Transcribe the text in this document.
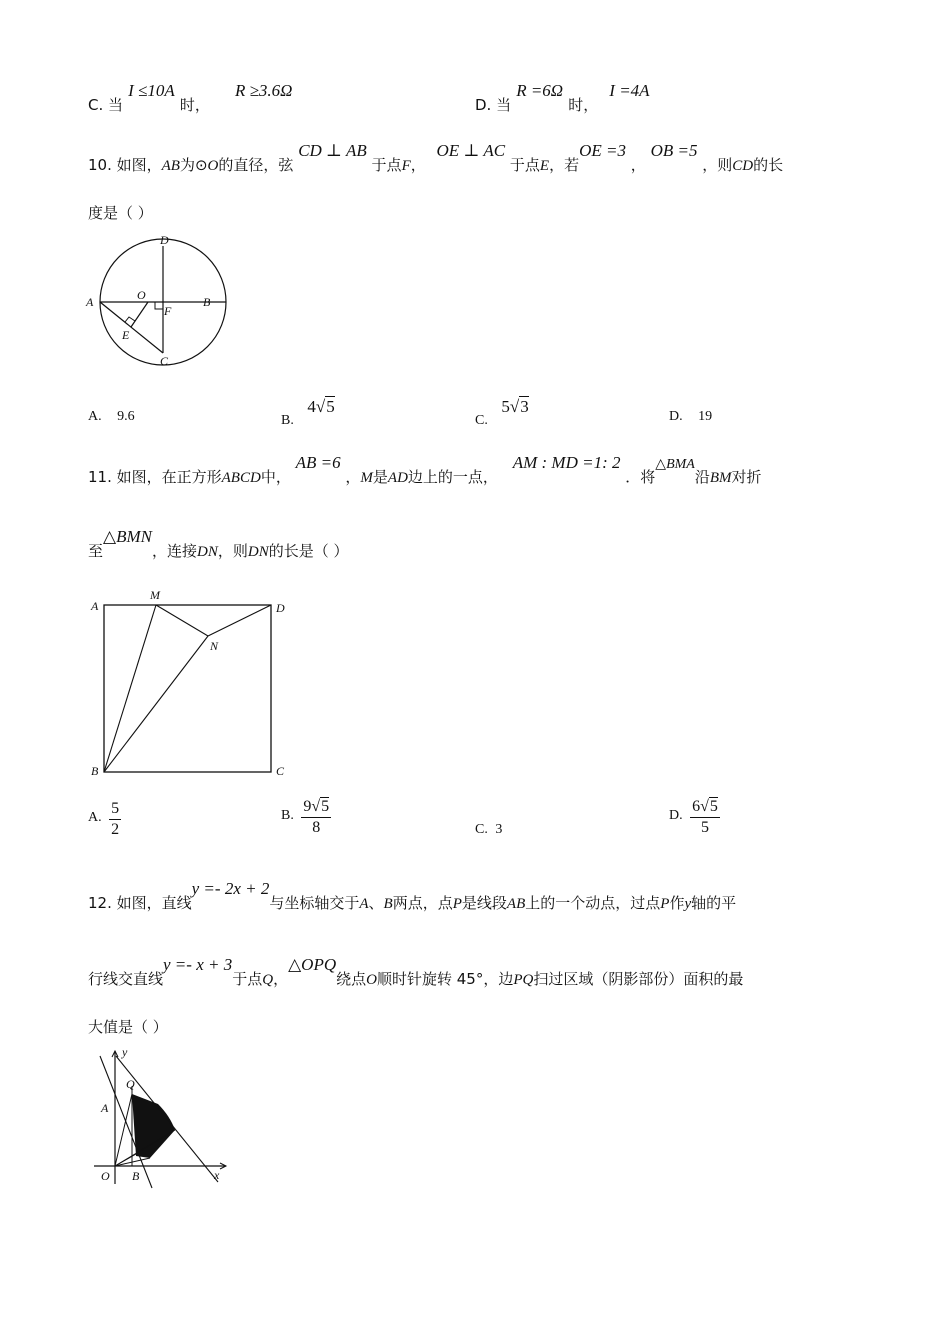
C. 当 I ≤10A 时， R ≥3.6Ω
D. 当 R =6Ω 时， I =4A
10. 如图，AB为⊙O的直径，弦 CD ⊥ AB 于点F， OE ⊥ AC 于点E，若OE =3 ， OB =5 ，则CD的长
度是（ ）
D
A	B
O
F
E
C
A. 9.6	B. 4√5
C. 5√3
D. 19
11. 如图，在正方形ABCD中， AB =6 ，M是AD边上的一点， AM : MD =1: 2 ．将△BMA沿BM对折
至△BMN，连接DN，则DN的长是（ ）
A
M
D
N
B	C
A. $\frac{5}{2}$	B. $\frac{9√5}{8}$	C. 3
D. $\frac{6√5}{5}$
12. 如图，直线y =- 2x + 2与坐标轴交于A、B两点，点P是线段AB上的一个动点，过点P作y轴的平
行线交直线y =- x + 3于点Q，△OPQ绕点O顺时针旋转 45°，边PQ扫过区域（阴影部份）面积的最
大值是（ ）
y
Q
A
O B	x
